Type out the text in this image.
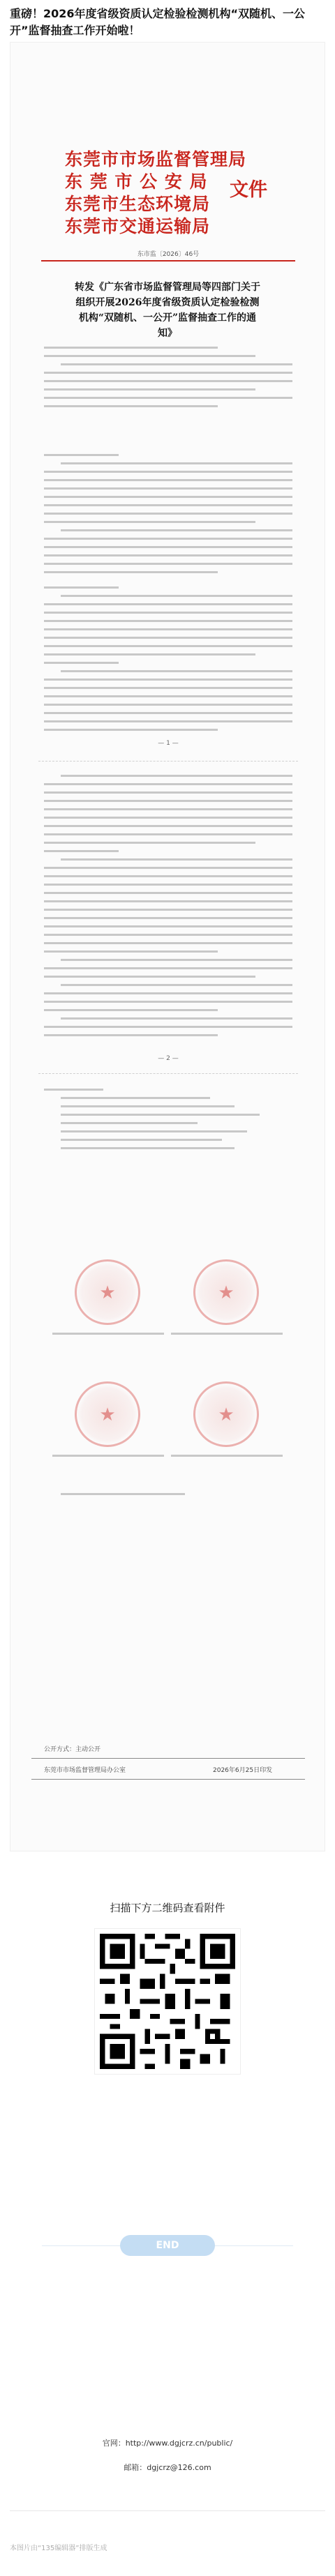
重磅！2026年度省级资质认定检验检测机构“双随机、一公开”监督抽查工作开始啦！
东莞市市场监督管理局
东 莞 市 公 安 局
东莞市生态环境局
东莞市交通运输局
文件
东市监〔2026〕46号
转发《广东省市场监督管理局等四部门关于组织开展2026年度省级资质认定检验检测机构“双随机、一公开”监督抽查工作的通知》
— 1 —
— 2 —
★	★
★	★
公开方式：主动公开
东莞市市场监督管理局办公室	2026年6月25日印发
扫描下方二维码查看附件
END
官网：http://www.dgjcrz.cn/public/
邮箱：dgjcrz@126.com
本图片由“135编辑器”排版生成
